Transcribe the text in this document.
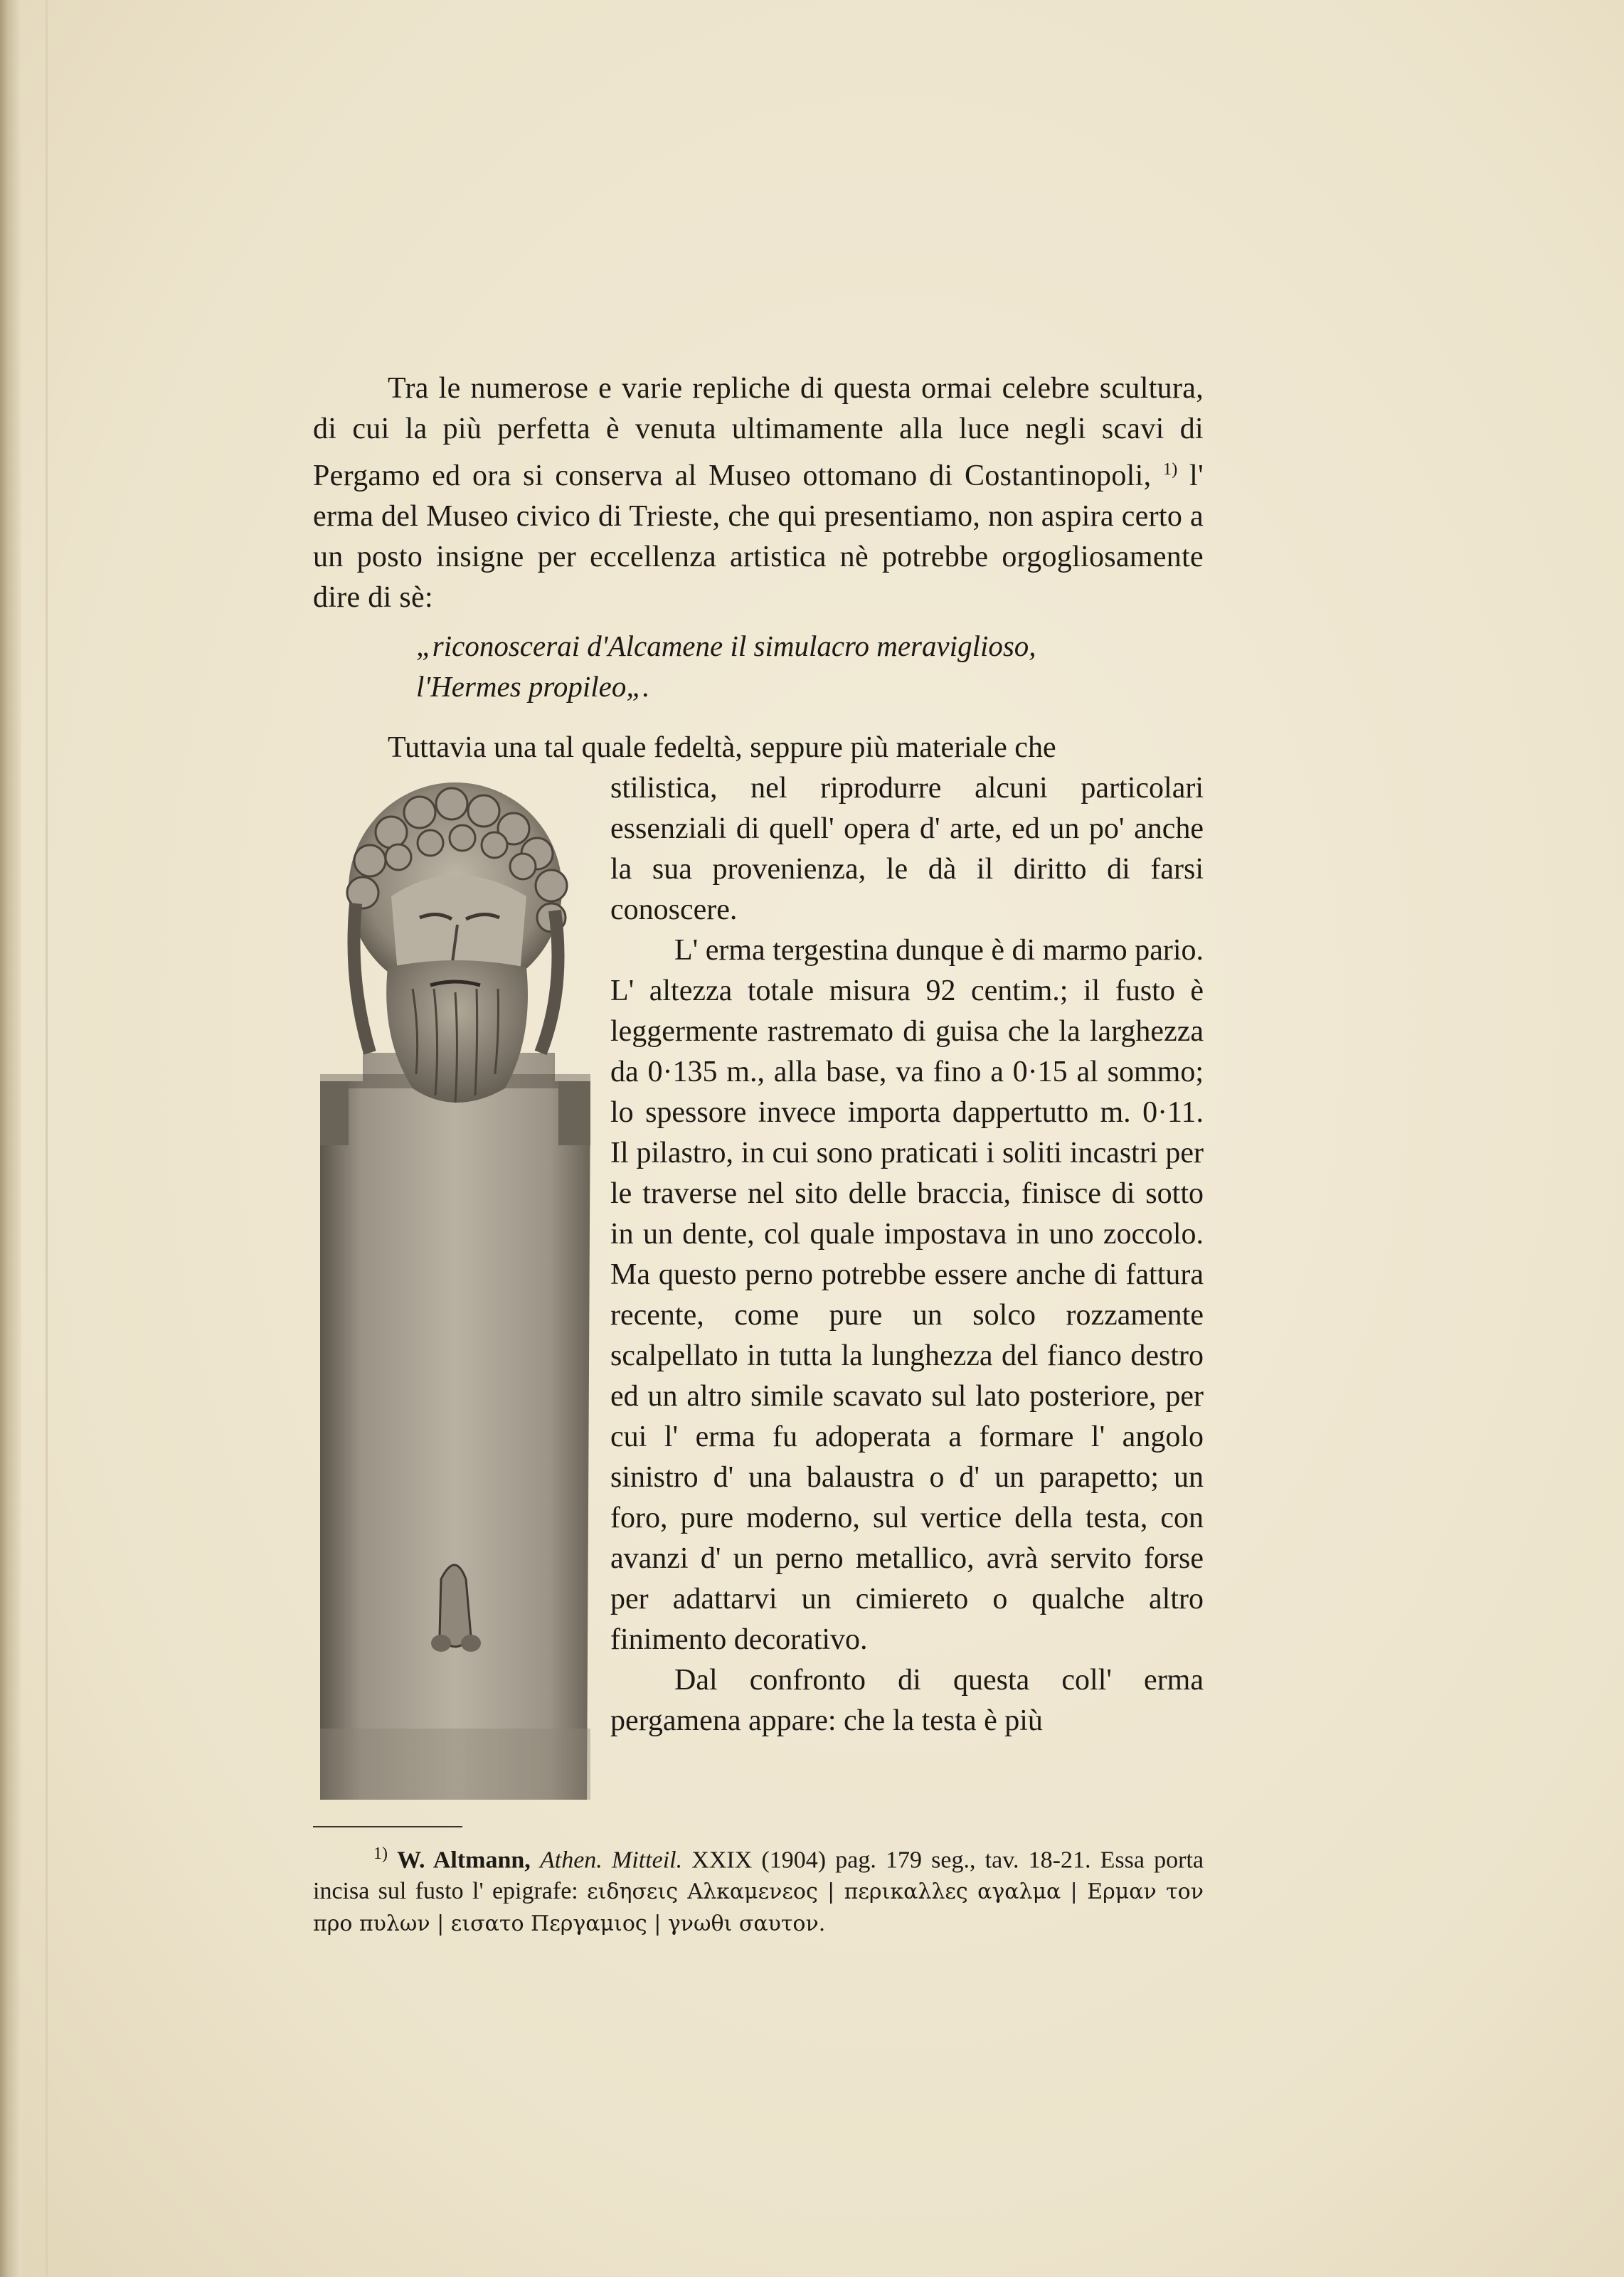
Tra le numerose e varie repliche di questa ormai celebre scultura, di cui la più perfetta è venuta ultimamente alla luce negli scavi di Pergamo ed ora si conserva al Museo ottomano di Costantinopoli, $^{1)}$ l' erma del Museo civico di Trieste, che qui presentiamo, non aspira certo a un posto insigne per eccellenza artistica nè potrebbe orgogliosamente dire di sè:

„riconoscerai d'Alcamene il simulacro meraviglioso,
l'Hermes propileo„.
Tuttavia una tal quale fedeltà, seppure più materiale che

stilistica, nel riprodurre alcuni particolari essenziali di quell' opera d' arte, ed un po' anche la sua provenienza, le dà il diritto di farsi conoscere.

L' erma tergestina dunque è di marmo pario. L' altezza totale misura 92 centim.; il fusto è leggermente rastremato di guisa che la larghezza da 0·135 m., alla base, va fino a 0·15 al sommo; lo spessore invece importa dappertutto m. 0·11. Il pilastro, in cui sono praticati i soliti incastri per le traverse nel sito delle braccia, finisce di sotto in un dente, col quale impostava in uno zoccolo. Ma questo perno potrebbe essere anche di fattura recente, come pure un solco rozzamente scalpellato in tutta la lunghezza del fianco destro ed un altro simile scavato sul lato posteriore, per cui l' erma fu adoperata a formare l' angolo sinistro d' una balaustra o d' un parapetto; un foro, pure moderno, sul vertice della testa, con avanzi d' un perno metallico, avrà servito forse per adattarvi un cimiereto o qualche altro finimento decorativo.

Dal confronto di questa coll' erma pergamena appare: che la testa è più

$^{1)}$ W. Altmann, Athen. Mitteil. XXIX (1904) pag. 179 seg., tav. 18-21. Essa porta incisa sul fusto l' epigrafe: ειδησεις Αλκαμενεος | περικαλλες αγαλμα | Ερμαν τον προ πυλων | εισατο Περγαμιος | γνωθι σαυτον.
